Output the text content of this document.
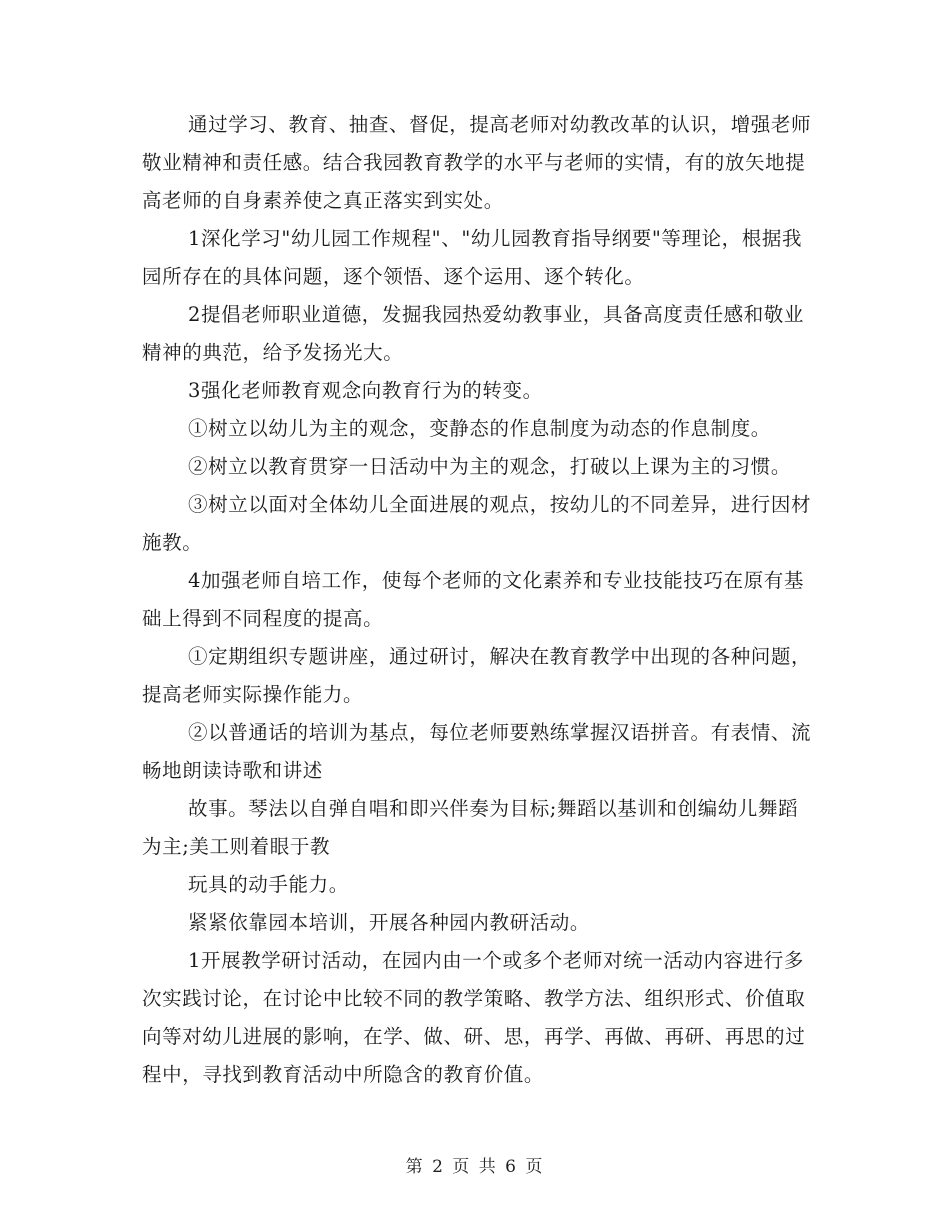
通过学习、教育、抽查、督促，提高老师对幼教改革的认识，增强老师敬业精神和责任感。结合我园教育教学的水平与老师的实情，有的放矢地提高老师的自身素养使之真正落实到实处。

1深化学习"幼儿园工作规程"、"幼儿园教育指导纲要"等理论，根据我园所存在的具体问题，逐个领悟、逐个运用、逐个转化。

2提倡老师职业道德，发掘我园热爱幼教事业，具备高度责任感和敬业精神的典范，给予发扬光大。

3强化老师教育观念向教育行为的转变。

①树立以幼儿为主的观念，变静态的作息制度为动态的作息制度。

②树立以教育贯穿一日活动中为主的观念，打破以上课为主的习惯。

③树立以面对全体幼儿全面进展的观点，按幼儿的不同差异，进行因材施教。

4加强老师自培工作，使每个老师的文化素养和专业技能技巧在原有基础上得到不同程度的提高。

①定期组织专题讲座，通过研讨，解决在教育教学中出现的各种问题，提高老师实际操作能力。

②以普通话的培训为基点，每位老师要熟练掌握汉语拼音。有表情、流畅地朗读诗歌和讲述

故事。琴法以自弹自唱和即兴伴奏为目标;舞蹈以基训和创编幼儿舞蹈为主;美工则着眼于教

玩具的动手能力。

紧紧依靠园本培训，开展各种园内教研活动。

1开展教学研讨活动，在园内由一个或多个老师对统一活动内容进行多次实践讨论，在讨论中比较不同的教学策略、教学方法、组织形式、价值取向等对幼儿进展的影响，在学、做、研、思，再学、再做、再研、再思的过程中，寻找到教育活动中所隐含的教育价值。

第 2 页 共 6 页
